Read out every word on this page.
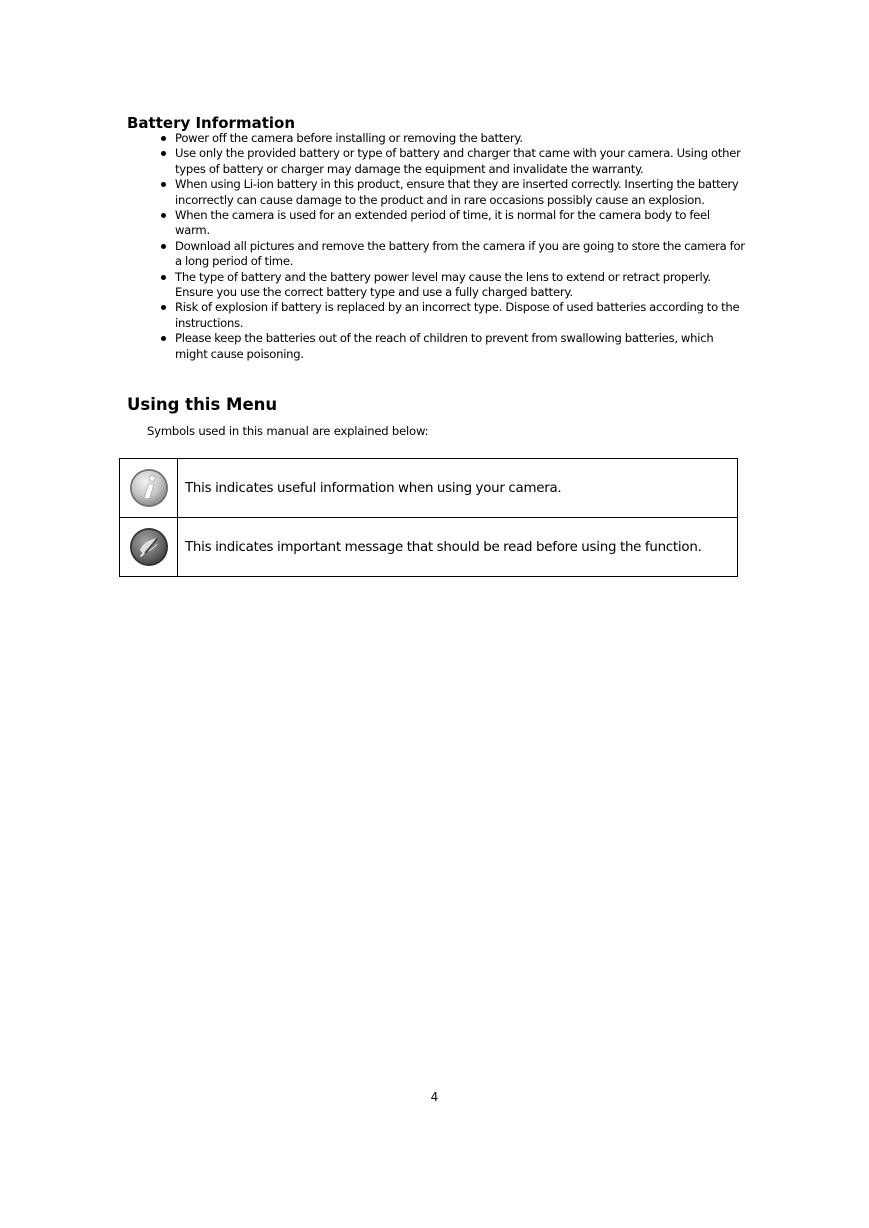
Battery Information
Power off the camera before installing or removing the battery.
Use only the provided battery or type of battery and charger that came with your camera. Using other types of battery or charger may damage the equipment and invalidate the warranty.
When using Li-ion battery in this product, ensure that they are inserted correctly. Inserting the battery incorrectly can cause damage to the product and in rare occasions possibly cause an explosion.
When the camera is used for an extended period of time, it is normal for the camera body to feel warm.
Download all pictures and remove the battery from the camera if you are going to store the camera for a long period of time.
The type of battery and the battery power level may cause the lens to extend or retract properly. Ensure you use the correct battery type and use a fully charged battery.
Risk of explosion if battery is replaced by an incorrect type. Dispose of used batteries according to the instructions.
Please keep the batteries out of the reach of children to prevent from swallowing batteries, which might cause poisoning.
Using this Menu

Symbols used in this manual are explained below:

	This indicates useful information when using your camera.
	This indicates important message that should be read before using the function.
4
